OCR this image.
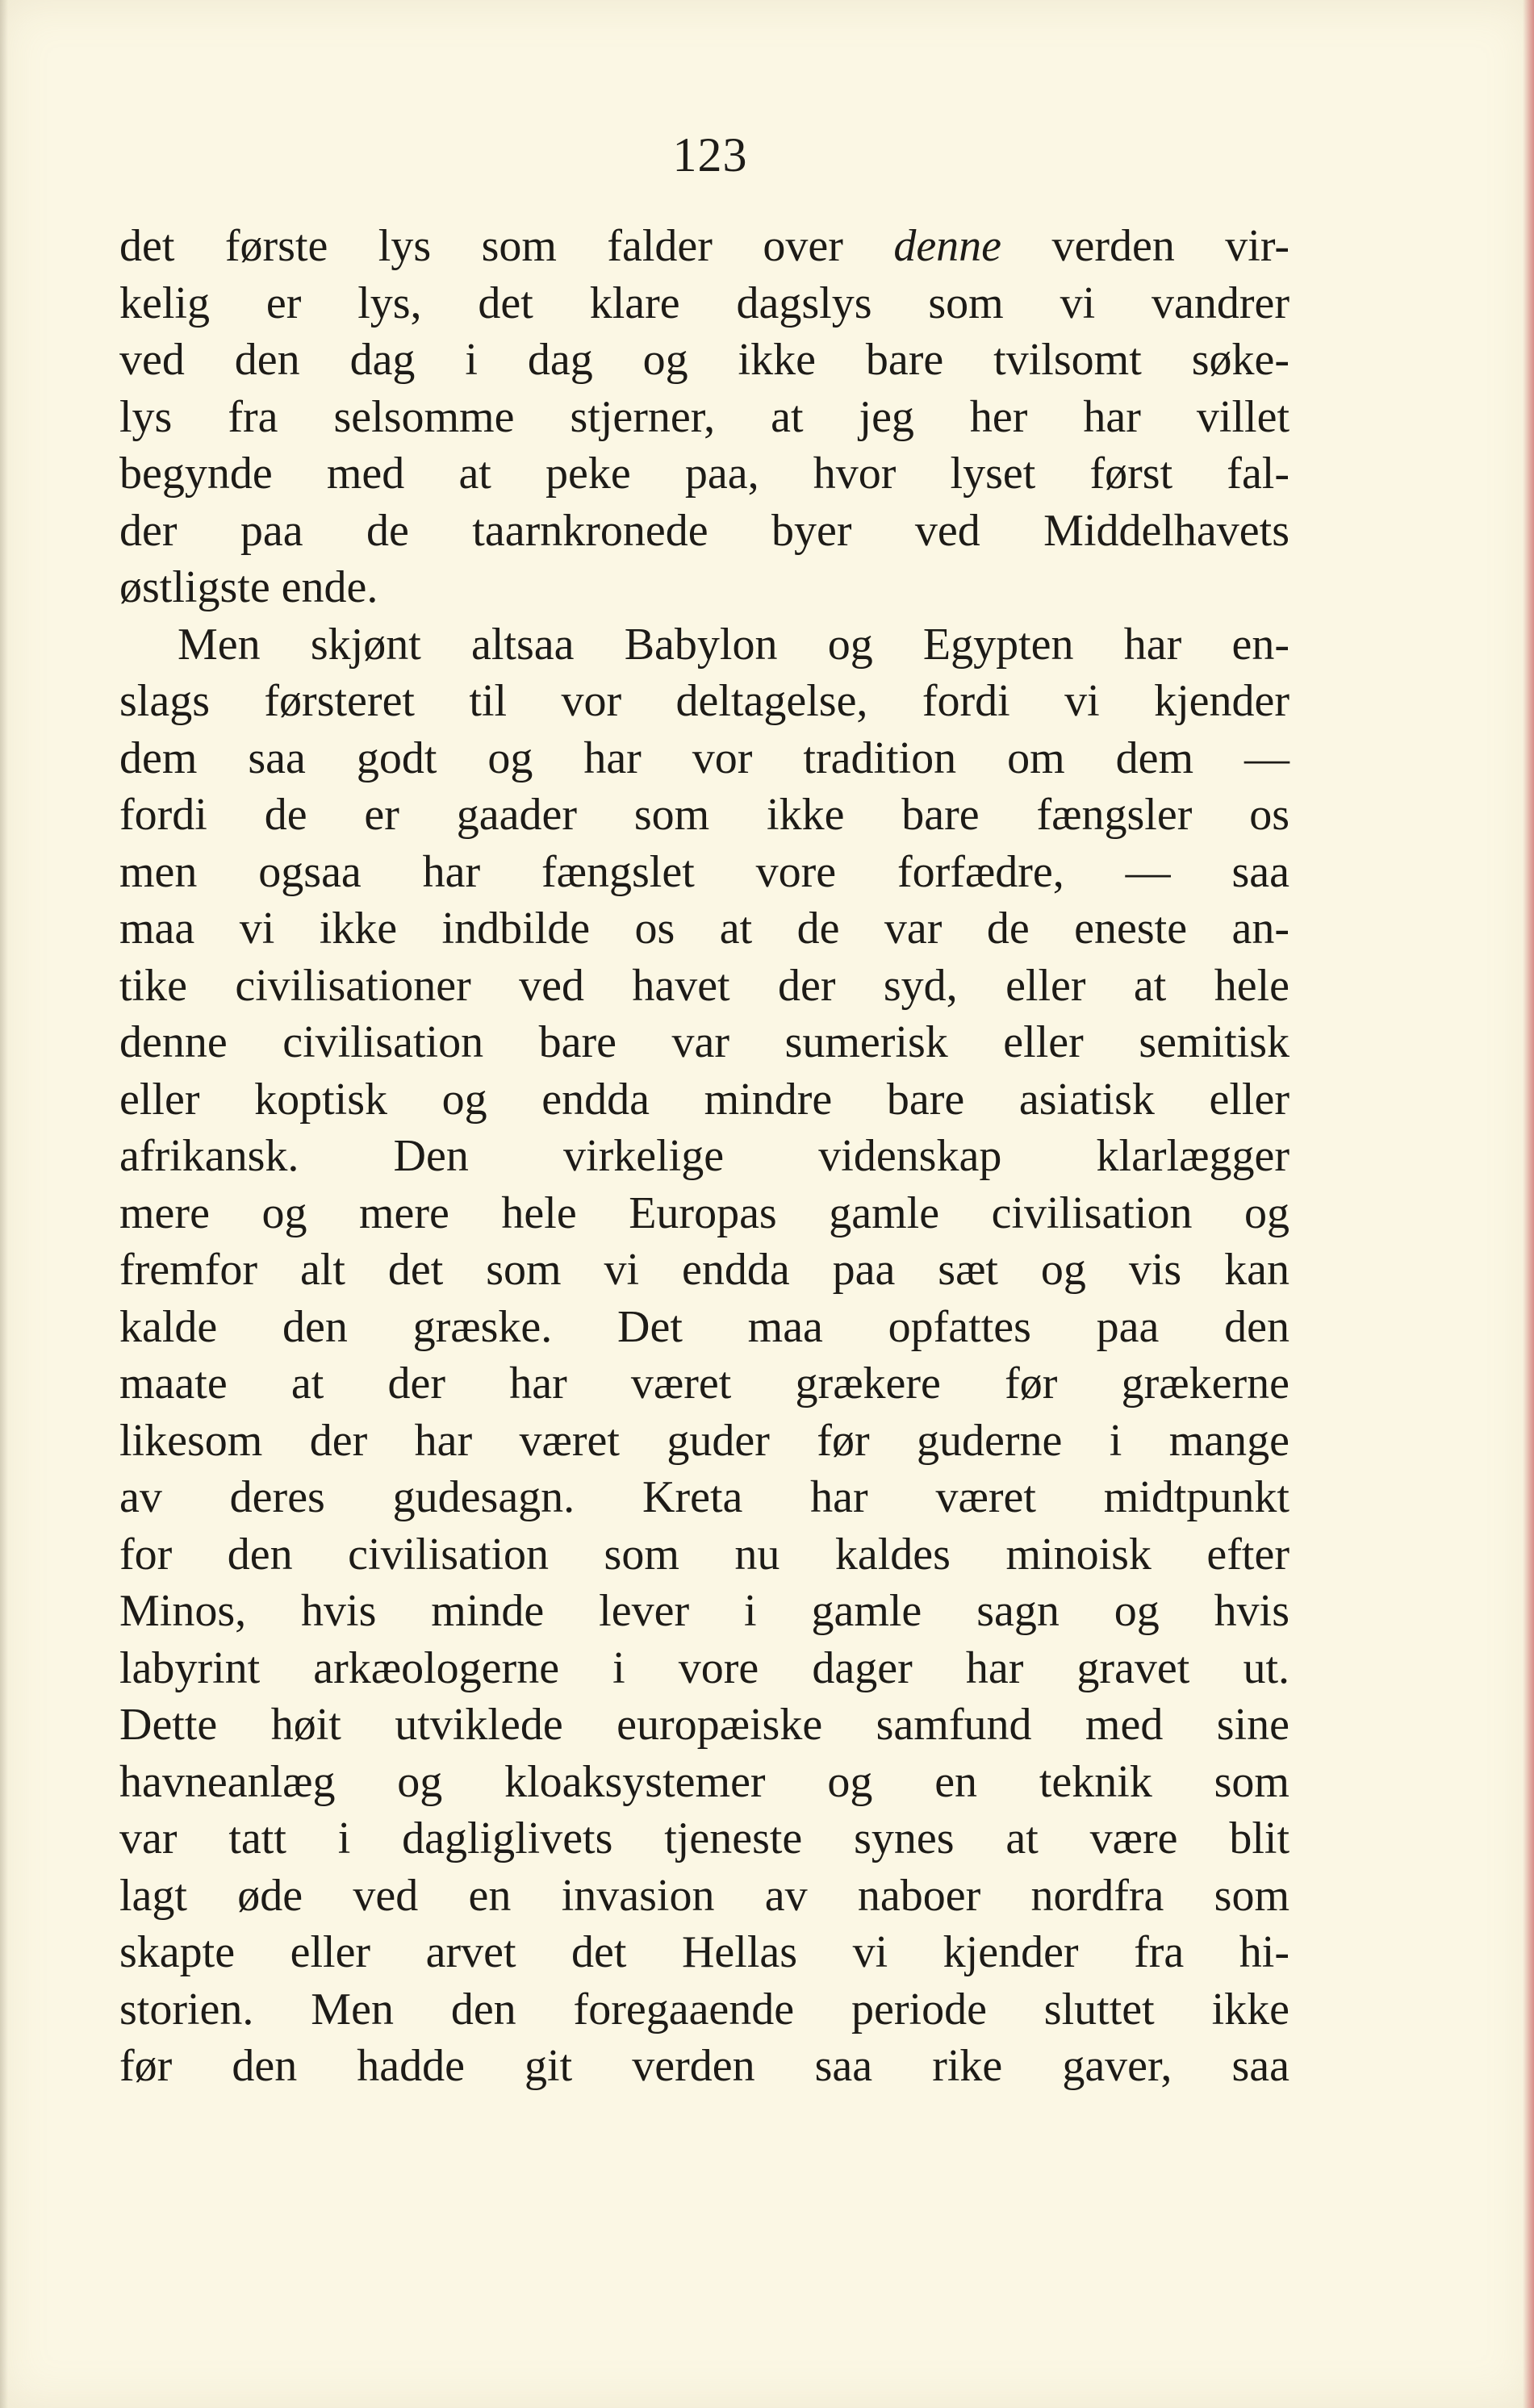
123
det første lys som falder over denne verden vir-
kelig er lys, det klare dagslys som vi vandrer
ved den dag i dag og ikke bare tvilsomt søke-
lys fra selsomme stjerner, at jeg her har villet
begynde med at peke paa, hvor lyset først fal-
der paa de taarnkronede byer ved Middelhavets
østligste ende.
Men skjønt altsaa Babylon og Egypten har en-
slags førsteret til vor deltagelse, fordi vi kjender
dem saa godt og har vor tradition om dem —
fordi de er gaader som ikke bare fængsler os
men ogsaa har fængslet vore forfædre, — saa
maa vi ikke indbilde os at de var de eneste an-
tike civilisationer ved havet der syd, eller at hele
denne civilisation bare var sumerisk eller semitisk
eller koptisk og endda mindre bare asiatisk eller
afrikansk. Den virkelige videnskap klarlægger
mere og mere hele Europas gamle civilisation og
fremfor alt det som vi endda paa sæt og vis kan
kalde den græske. Det maa opfattes paa den
maate at der har været grækere før grækerne
likesom der har været guder før guderne i mange
av deres gudesagn. Kreta har været midtpunkt
for den civilisation som nu kaldes minoisk efter
Minos, hvis minde lever i gamle sagn og hvis
labyrint arkæologerne i vore dager har gravet ut.
Dette høit utviklede europæiske samfund med sine
havneanlæg og kloaksystemer og en teknik som
var tatt i dagliglivets tjeneste synes at være blit
lagt øde ved en invasion av naboer nordfra som
skapte eller arvet det Hellas vi kjender fra hi-
storien. Men den foregaaende periode sluttet ikke
før den hadde git verden saa rike gaver, saa
